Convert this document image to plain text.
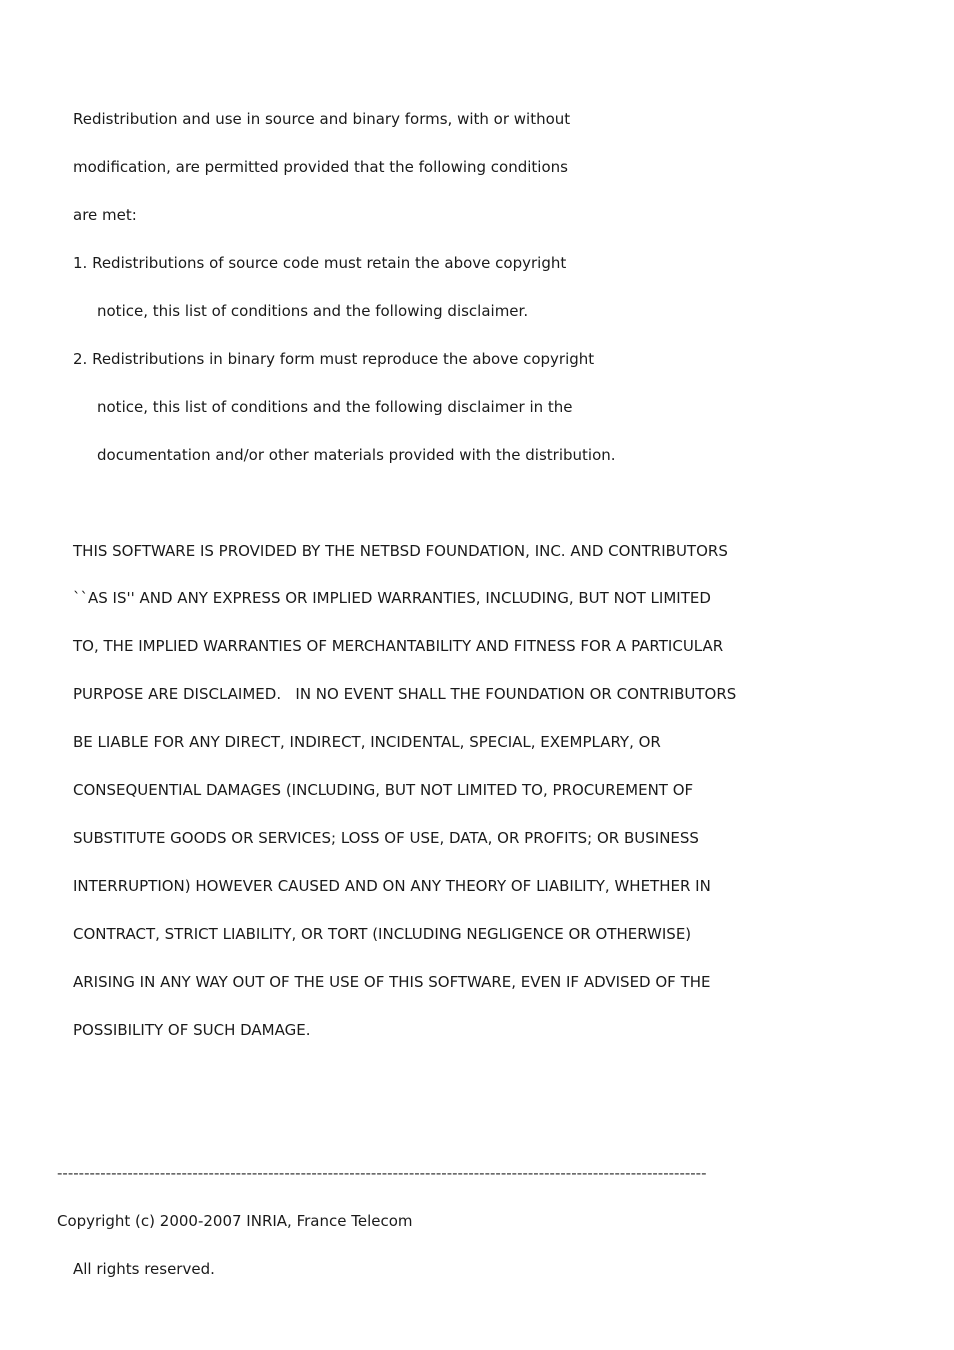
Redistribution and use in source and binary forms, with or without
modification, are permitted provided that the following conditions
are met:
1. Redistributions of source code must retain the above copyright
notice, this list of conditions and the following disclaimer.
2. Redistributions in binary form must reproduce the above copyright
notice, this list of conditions and the following disclaimer in the
documentation and/or other materials provided with the distribution.
THIS SOFTWARE IS PROVIDED BY THE NETBSD FOUNDATION, INC. AND CONTRIBUTORS
``AS IS'' AND ANY EXPRESS OR IMPLIED WARRANTIES, INCLUDING, BUT NOT LIMITED
TO, THE IMPLIED WARRANTIES OF MERCHANTABILITY AND FITNESS FOR A PARTICULAR
PURPOSE ARE DISCLAIMED.   IN NO EVENT SHALL THE FOUNDATION OR CONTRIBUTORS
BE LIABLE FOR ANY DIRECT, INDIRECT, INCIDENTAL, SPECIAL, EXEMPLARY, OR
CONSEQUENTIAL DAMAGES (INCLUDING, BUT NOT LIMITED TO, PROCUREMENT OF
SUBSTITUTE GOODS OR SERVICES; LOSS OF USE, DATA, OR PROFITS; OR BUSINESS
INTERRUPTION) HOWEVER CAUSED AND ON ANY THEORY OF LIABILITY, WHETHER IN
CONTRACT, STRICT LIABILITY, OR TORT (INCLUDING NEGLIGENCE OR OTHERWISE)
ARISING IN ANY WAY OUT OF THE USE OF THIS SOFTWARE, EVEN IF ADVISED OF THE
POSSIBILITY OF SUCH DAMAGE.
------------------------------------------------------------------------------------------------------------------------
Copyright (c) 2000-2007 INRIA, France Telecom
All rights reserved.
